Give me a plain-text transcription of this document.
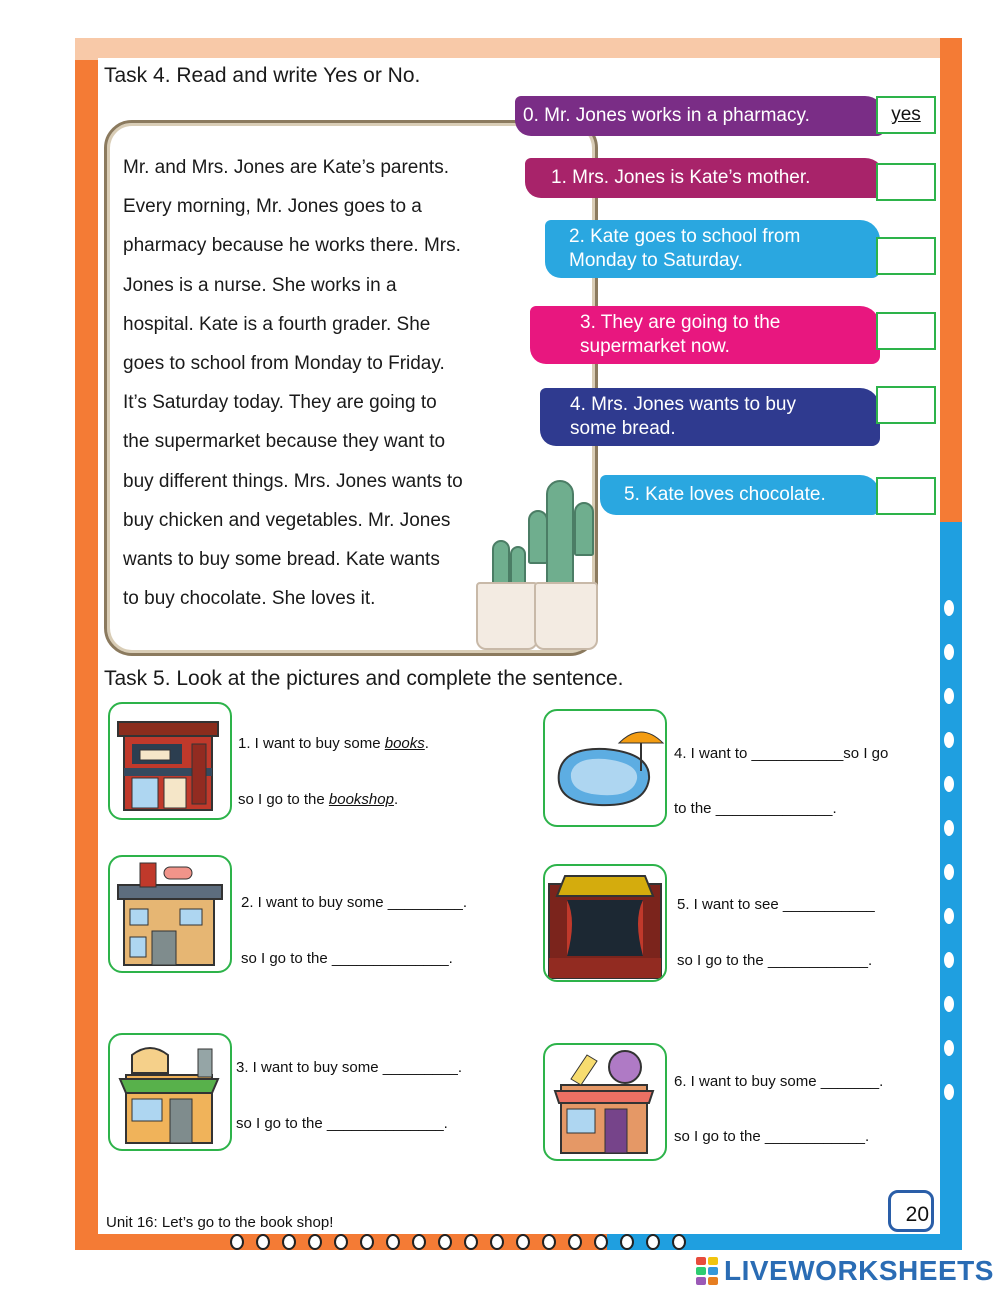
Task 4. Read and write Yes or No.

Mr. and Mrs. Jones are Kate’s parents.

Every morning, Mr. Jones goes to a

pharmacy because he works there. Mrs.

Jones is a nurse. She works in a

hospital. Kate is a fourth grader. She

goes to school from Monday to Friday.

It’s Saturday today. They are going to

the supermarket because they want to

buy different things. Mrs. Jones wants to

buy chicken and vegetables. Mr. Jones

wants to buy some bread. Kate wants

to buy chocolate. She loves it.

0. Mr. Jones works in a pharmacy.	yes
1. Mrs. Jones is Kate’s mother.
2. Kate goes to school from
Monday to Saturday.
3. They are going to the
supermarket now.
4. Mrs. Jones wants to buy
some bread.
5. Kate loves chocolate.
Task 5. Look at the pictures and complete the sentence.
1. I want to buy some books.
so I go to the bookshop.
2. I want to buy some _________.
so I go to the ______________.
3. I want to buy some _________.
so I go to the ______________.
4. I want to ___________so I go
to the ______________.
5. I want to see ___________
so I go to the ____________.
6. I want to buy some _______.
so I go to the ____________.
Unit 16: Let’s go to the book shop!	20
LIVEWORKSHEETS
